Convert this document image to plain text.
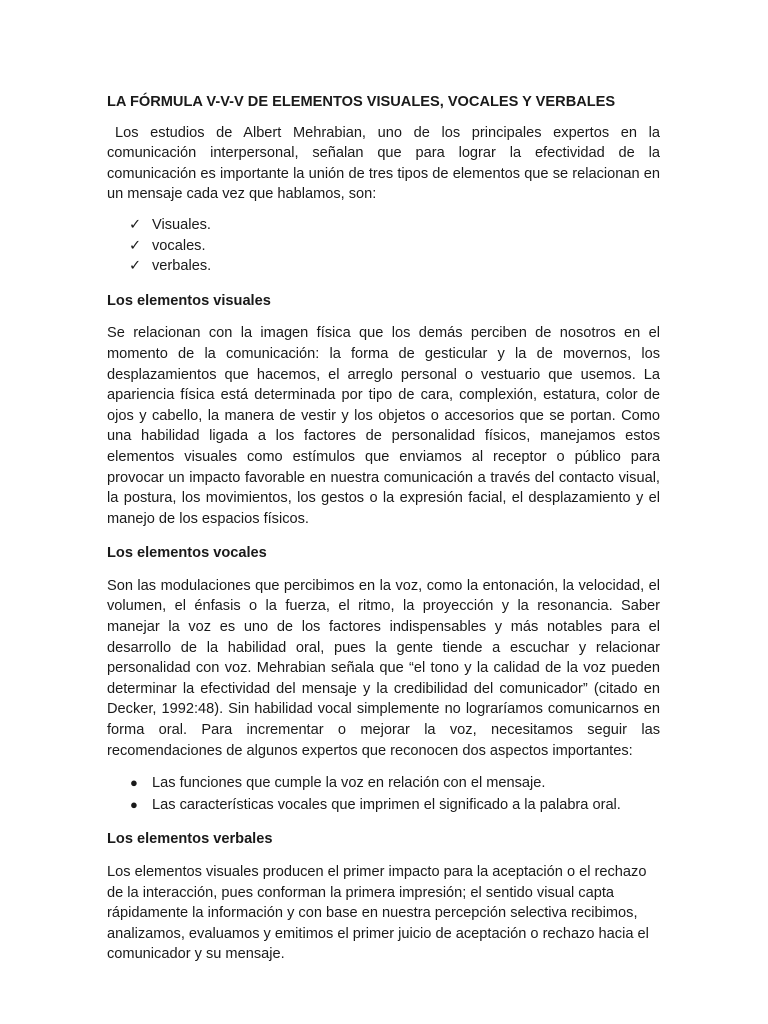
LA FÓRMULA V-V-V DE ELEMENTOS VISUALES, VOCALES Y VERBALES

Los estudios de Albert Mehrabian, uno de los principales expertos en la comunicación interpersonal, señalan que para lograr la efectividad de la comunicación es importante la unión de tres tipos de elementos que se relacionan en un mensaje cada vez que hablamos, son:

✓ Visuales.
✓ vocales.
✓ verbales.
Los elementos visuales

Se relacionan con la imagen física que los demás perciben de nosotros en el momento de la comunicación: la forma de gesticular y la de movernos, los desplazamientos que hacemos, el arreglo personal o vestuario que usemos. La apariencia física está determinada por tipo de cara, complexión, estatura, color de ojos y cabello, la manera de vestir y los objetos o accesorios que se portan. Como una habilidad ligada a los factores de personalidad físicos, manejamos estos elementos visuales como estímulos que enviamos al receptor o público para provocar un impacto favorable en nuestra comunicación a través del contacto visual, la postura, los movimientos, los gestos o la expresión facial, el desplazamiento y el manejo de los espacios físicos.

Los elementos vocales

Son las modulaciones que percibimos en la voz, como la entonación, la velocidad, el volumen, el énfasis o la fuerza, el ritmo, la proyección y la resonancia. Saber manejar la voz es uno de los factores indispensables y más notables para el desarrollo de la habilidad oral, pues la gente tiende a escuchar y relacionar personalidad con voz. Mehrabian señala que “el tono y la calidad de la voz pueden determinar la efectividad del mensaje y la credibilidad del comunicador” (citado en Decker, 1992:48). Sin habilidad vocal simplemente no lograríamos comunicarnos en forma oral. Para incrementar o mejorar la voz, necesitamos seguir las recomendaciones de algunos expertos que reconocen dos aspectos importantes:

● Las funciones que cumple la voz en relación con el mensaje.
● Las características vocales que imprimen el significado a la palabra oral.
Los elementos verbales

Los elementos visuales producen el primer impacto para la aceptación o el rechazo de la interacción, pues conforman la primera impresión; el sentido visual capta rápidamente la información y con base en nuestra percepción selectiva recibimos, analizamos, evaluamos y emitimos el primer juicio de aceptación o rechazo hacia el comunicador y su mensaje.
